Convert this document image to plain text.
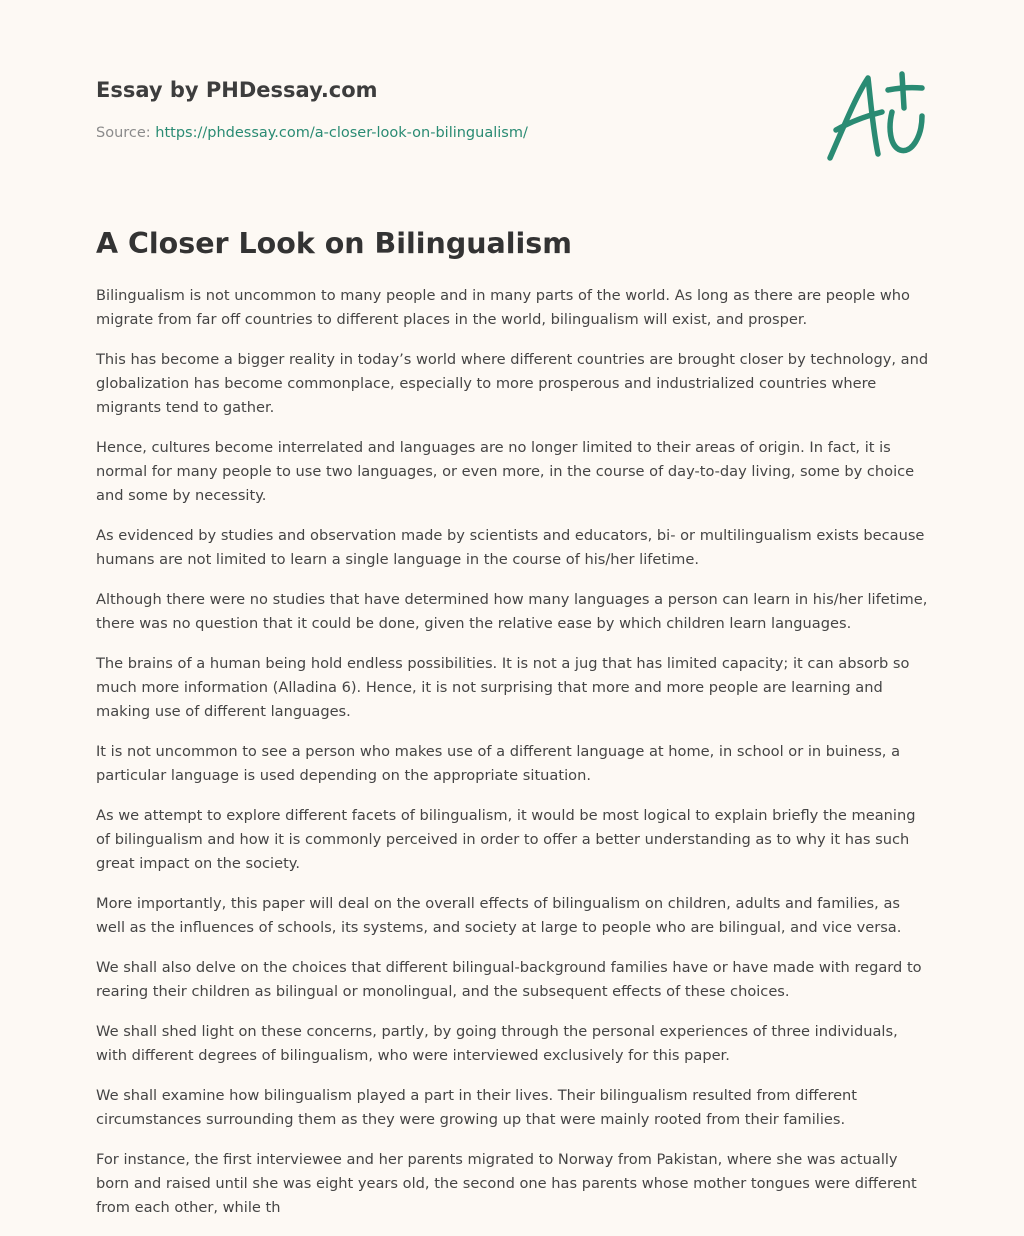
Essay by PHDessay.com
Source: https://phdessay.com/a-closer-look-on-bilingualism/
A Closer Look on Bilingualism

Bilingualism is not uncommon to many people and in many parts of the world. As long as there are people who migrate from far off countries to different places in the world, bilingualism will exist, and prosper.

This has become a bigger reality in today’s world where different countries are brought closer by technology, and globalization has become commonplace, especially to more prosperous and industrialized countries where migrants tend to gather.

Hence, cultures become interrelated and languages are no longer limited to their areas of origin. In fact, it is normal for many people to use two languages, or even more, in the course of day-to-day living, some by choice and some by necessity.

As evidenced by studies and observation made by scientists and educators, bi- or multilingualism exists because humans are not limited to learn a single language in the course of his/her lifetime.

Although there were no studies that have determined how many languages a person can learn in his/her lifetime, there was no question that it could be done, given the relative ease by which children learn languages.

The brains of a human being hold endless possibilities. It is not a jug that has limited capacity; it can absorb so much more information (Alladina 6). Hence, it is not surprising that more and more people are learning and making use of different languages.

It is not uncommon to see a person who makes use of a different language at home, in school or in buiness, a particular language is used depending on the appropriate situation.

As we attempt to explore different facets of bilingualism, it would be most logical to explain briefly the meaning of bilingualism and how it is commonly perceived in order to offer a better understanding as to why it has such great impact on the society.

More importantly, this paper will deal on the overall effects of bilingualism on children, adults and families, as well as the influences of schools, its systems, and society at large to people who are bilingual, and vice versa.

We shall also delve on the choices that different bilingual-background families have or have made with regard to rearing their children as bilingual or monolingual, and the subsequent effects of these choices.

We shall shed light on these concerns, partly, by going through the personal experiences of three individuals, with different degrees of bilingualism, who were interviewed exclusively for this paper.

We shall examine how bilingualism played a part in their lives. Their bilingualism resulted from different circumstances surrounding them as they were growing up that were mainly rooted from their families.

For instance, the first interviewee and her parents migrated to Norway from Pakistan, where she was actually born and raised until she was eight years old, the second one has parents whose mother tongues were different from each other, while th
